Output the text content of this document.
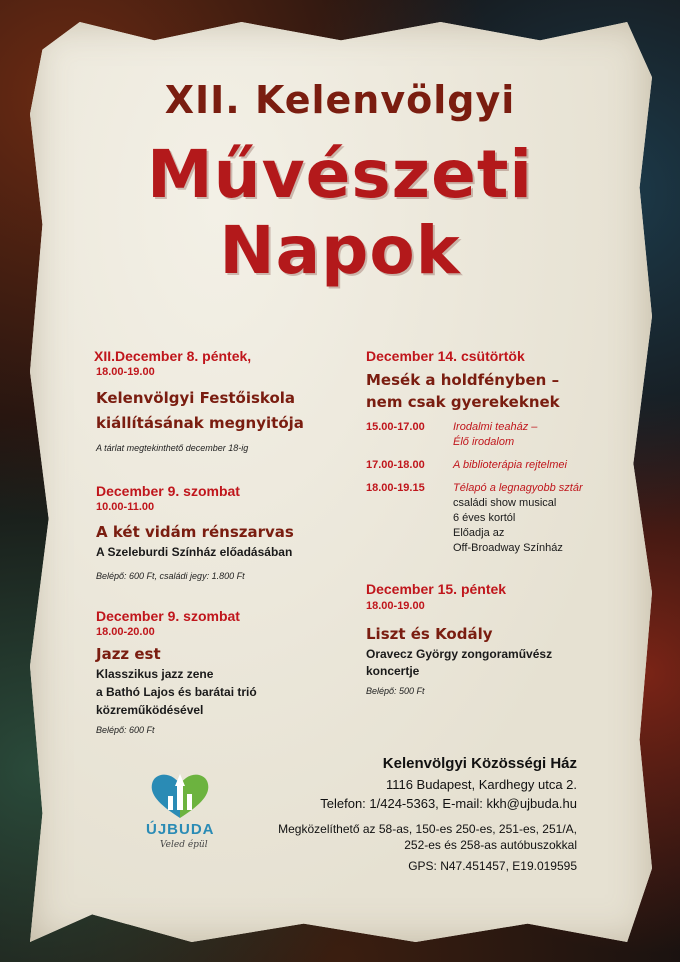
XII. Kelenvölgyi
Művészeti
Napok
XII.December 8. péntek,
18.00-19.00
Kelenvölgyi Festőiskola
kiállításának megnyitója
A tárlat megtekinthető december 18-ig
December 9. szombat
10.00-11.00
A két vidám rénszarvas
A Szeleburdi Színház előadásában
Belépő: 600 Ft, családi jegy: 1.800 Ft
December 9. szombat
18.00-20.00
Jazz est
Klasszikus jazz zene
a Bathó Lajos és barátai trió
közreműködésével
Belépő: 600 Ft
December 14. csütörtök
Mesék a holdfényben –
nem csak gyerekeknek
15.00-17.00	Irodalmi teaház –
Élő irodalom
17.00-18.00	A biblioterápia rejtelmei
18.00-19.15	Télapó a legnagyobb sztár
családi show musical
6 éves kortól
Előadja az
Off-Broadway Színház
December 15. péntek
18.00-19.00
Liszt és Kodály
Oravecz György zongoraművész
koncertje
Belépő: 500 Ft
ÚJBUDA
Veled épül
Kelenvölgyi Közösségi Ház
1116 Budapest, Kardhegy utca 2.
Telefon: 1/424-5363, E-mail: kkh@ujbuda.hu
Megközelíthető az 58-as, 150-es 250-es, 251-es, 251/A,
252-es és 258-as autóbuszokkal
GPS: N47.451457, E19.019595
